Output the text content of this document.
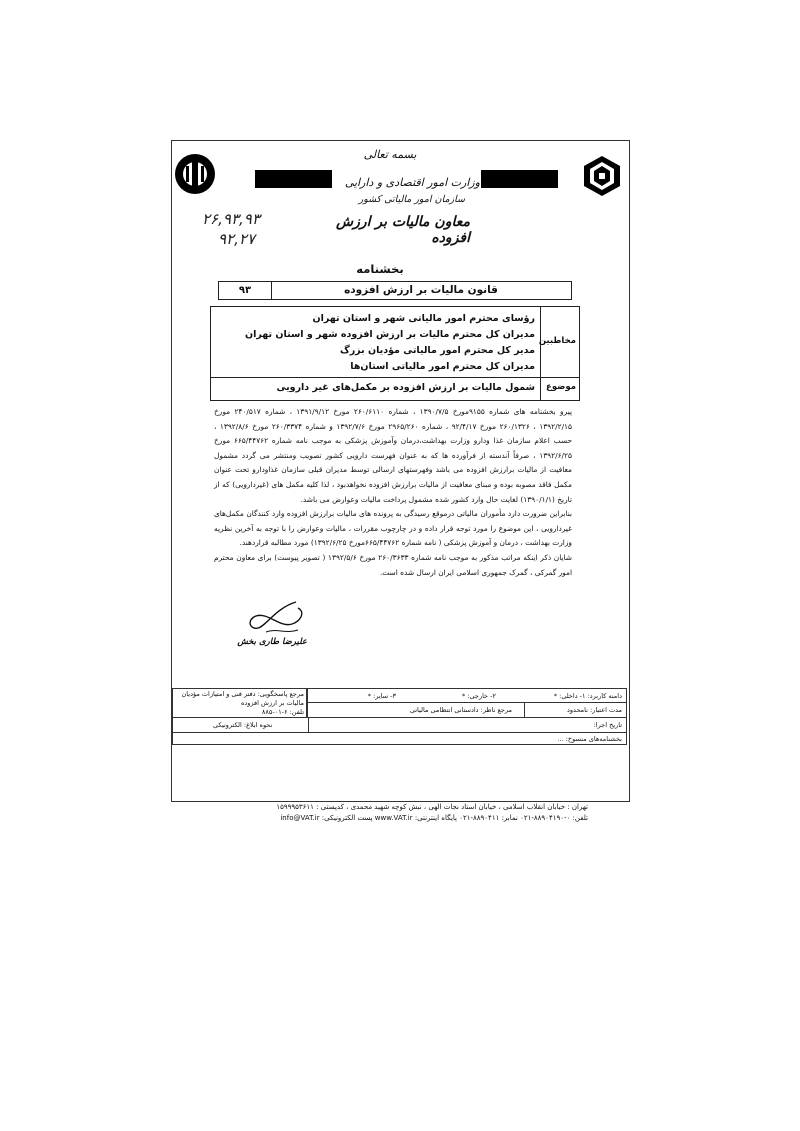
بسمه تعالی
وزارت امور اقتصادی و دارایی
سازمان امور مالیاتی کشور
معاون مالیات بر ارزش افزوده
۲۶,۹۳,۹۳
۹۲,۲۷
بخشنامه
۹۳	قانون مالیات بر ارزش افزوده
مخاطبین
موضوع
رؤسای محترم امور مالیاتی شهر و استان تهران
مدیران کل محترم مالیات بر ارزش افزوده شهر و استان تهران
مدیر کل محترم امور مالیاتی مؤدیان بزرگ
مدیران کل محترم امور مالیاتی استان‌ها
شمول مالیات بر ارزش افزوده بر مکمل‌های غیر دارویی

پیرو بخشنامه های شماره ۹۱۵۵مورخ ۱۳۹۰/۷/۵ ، شماره ۲۶۰/۶۱۱۰ مورخ ۱۳۹۱/۹/۱۲ ، شماره ۲۴۰/۵۱۷ مورخ ۱۳۹۲/۲/۱۵ ، ۲۶۰/۱۳۲۶ مورخ ۹۲/۴/۱۷ ، شماره ۲۹۶۵/۲۶۰ مورخ ۱۳۹۲/۷/۶ و شماره ۲۶۰/۳۳۷۴ مورخ ۱۳۹۲/۸/۶ ، حسب اعلام سازمان غذا ودارو وزارت بهداشت،درمان وآموزش پزشکی به موجب نامه شماره ۶۶۵/۴۴۷۶۲ مورخ ۱۳۹۲/۶/۲۵ ، صرفاً آندسته از فرآورده ها که به عنوان فهرست دارویی کشور تصویب ومنتشر می گردد مشمول معافیت از مالیات برارزش افزوده می باشد وفهرستهای ارسالی توسط مدیران قبلی سازمان غذاودارو تحت عنوان مکمل فاقد مصوبه بوده و مبنای معافیت از مالیات برارزش افزوده نخواهدبود ، لذا کلیه مکمل های (غیردارویی) که از تاریخ (۱۳۹۰/۱/۱) لغایت حال وارد کشور شده مشمول پرداخت مالیات وعوارض می باشد.

بنابراین ضرورت دارد مأموران مالیاتی درموقع رسیدگی به پرونده های مالیات برارزش افزوده وارد کنندگان مکمل‌های غیردارویی ، این موضوع را مورد توجه قرار داده و در چارچوب مقررات ، مالیات وعوارض را با توجه به آخرین نظریه وزارت بهداشت ، درمان و آموزش پزشکی ( نامه شماره ۶۶۵/۴۴۷۶۲مورخ ۱۳۹۲/۶/۲۵) مورد مطالبه قراردهند.

شایان ذکر اینکه مراتب مذکور به موجب نامه شماره ۲۶۰/۳۶۳۳ مورخ ۱۳۹۲/۵/۶ ( تصویر پیوست) برای معاون محترم امور گمرکی ، گمرک جمهوری اسلامی ایران ارسال شده است.

علیرضا طاری بخش
مرجع پاسخگویی: دفتر فنی و امتیازات مؤدیان مالیات بر ارزش افزوده
تلفن: ۶-۰۱-۸۸۵
دامنه کاربرد: ۱- داخلی: *
۲- خارجی: *
۳- سایر: *
مدت اعتبار: نامحدود
مرجع ناظر: دادستانی انتظامی مالیاتی
تاریخ اجرا:
نحوه ابلاغ: الکترونیکی
بخشنامه‌های منسوخ: ...
تهران : خیابان انقلاب اسلامی ، خیابان استاد نجات الهی ، نبش کوچه شهید محمدی ، کدپستی : ۱۵۹۹۹۵۳۶۱۱
تلفن: ۰-۸۸۹۰۴۱۹۰-۰۲۱ نمابر: ۸۸۹۰۴۱۱-۰۲۱ پایگاه اینترنتی: www.VAT.ir پست الکترونیکی: info@VAT.ir
